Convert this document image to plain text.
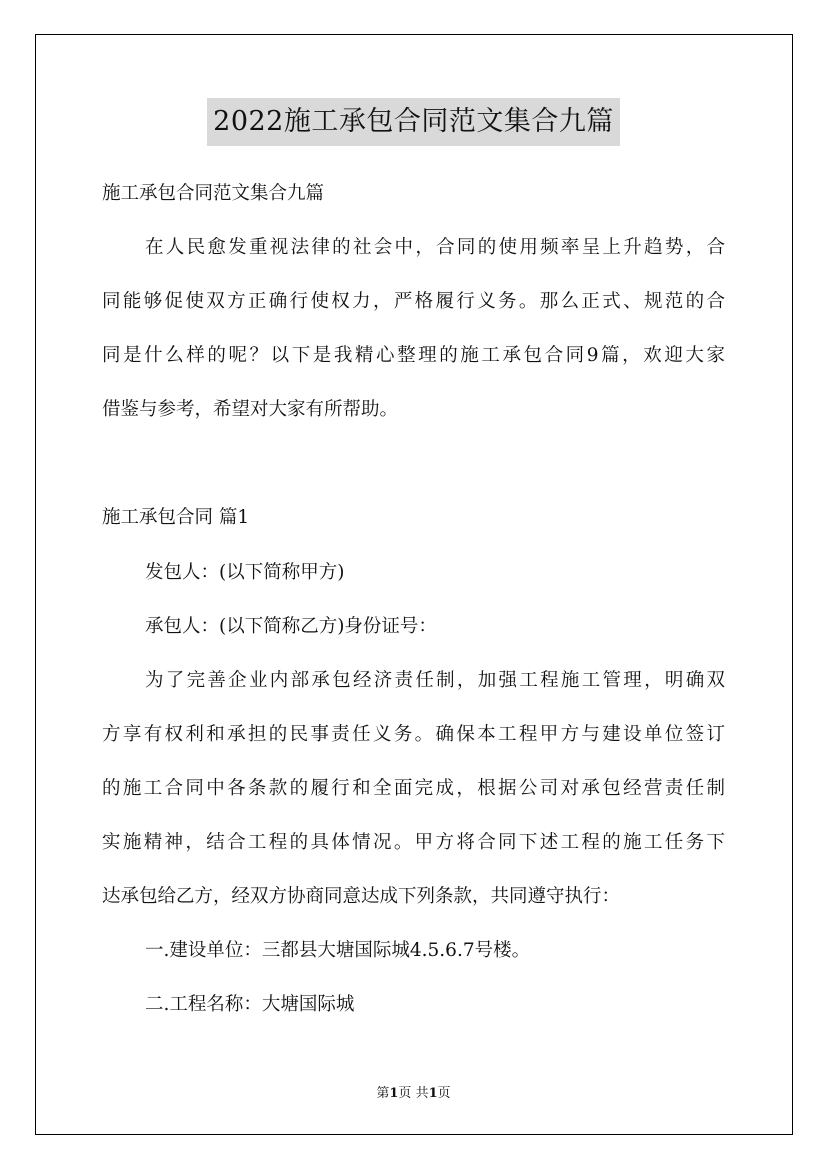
2022施工承包合同范文集合九篇
施工承包合同范文集合九篇
在人民愈发重视法律的社会中，合同的使用频率呈上升趋势，合
同能够促使双方正确行使权力，严格履行义务。那么正式、规范的合
同是什么样的呢？以下是我精心整理的施工承包合同9篇，欢迎大家
借鉴与参考，希望对大家有所帮助。
施工承包合同 篇1
发包人：(以下简称甲方)
承包人：(以下简称乙方)身份证号：
为了完善企业内部承包经济责任制，加强工程施工管理，明确双
方享有权利和承担的民事责任义务。确保本工程甲方与建设单位签订
的施工合同中各条款的履行和全面完成，根据公司对承包经营责任制
实施精神，结合工程的具体情况。甲方将合同下述工程的施工任务下
达承包给乙方，经双方协商同意达成下列条款，共同遵守执行：
一.建设单位：三都县大塘国际城4.5.6.7号楼。
二.工程名称：大塘国际城
第1页 共1页
